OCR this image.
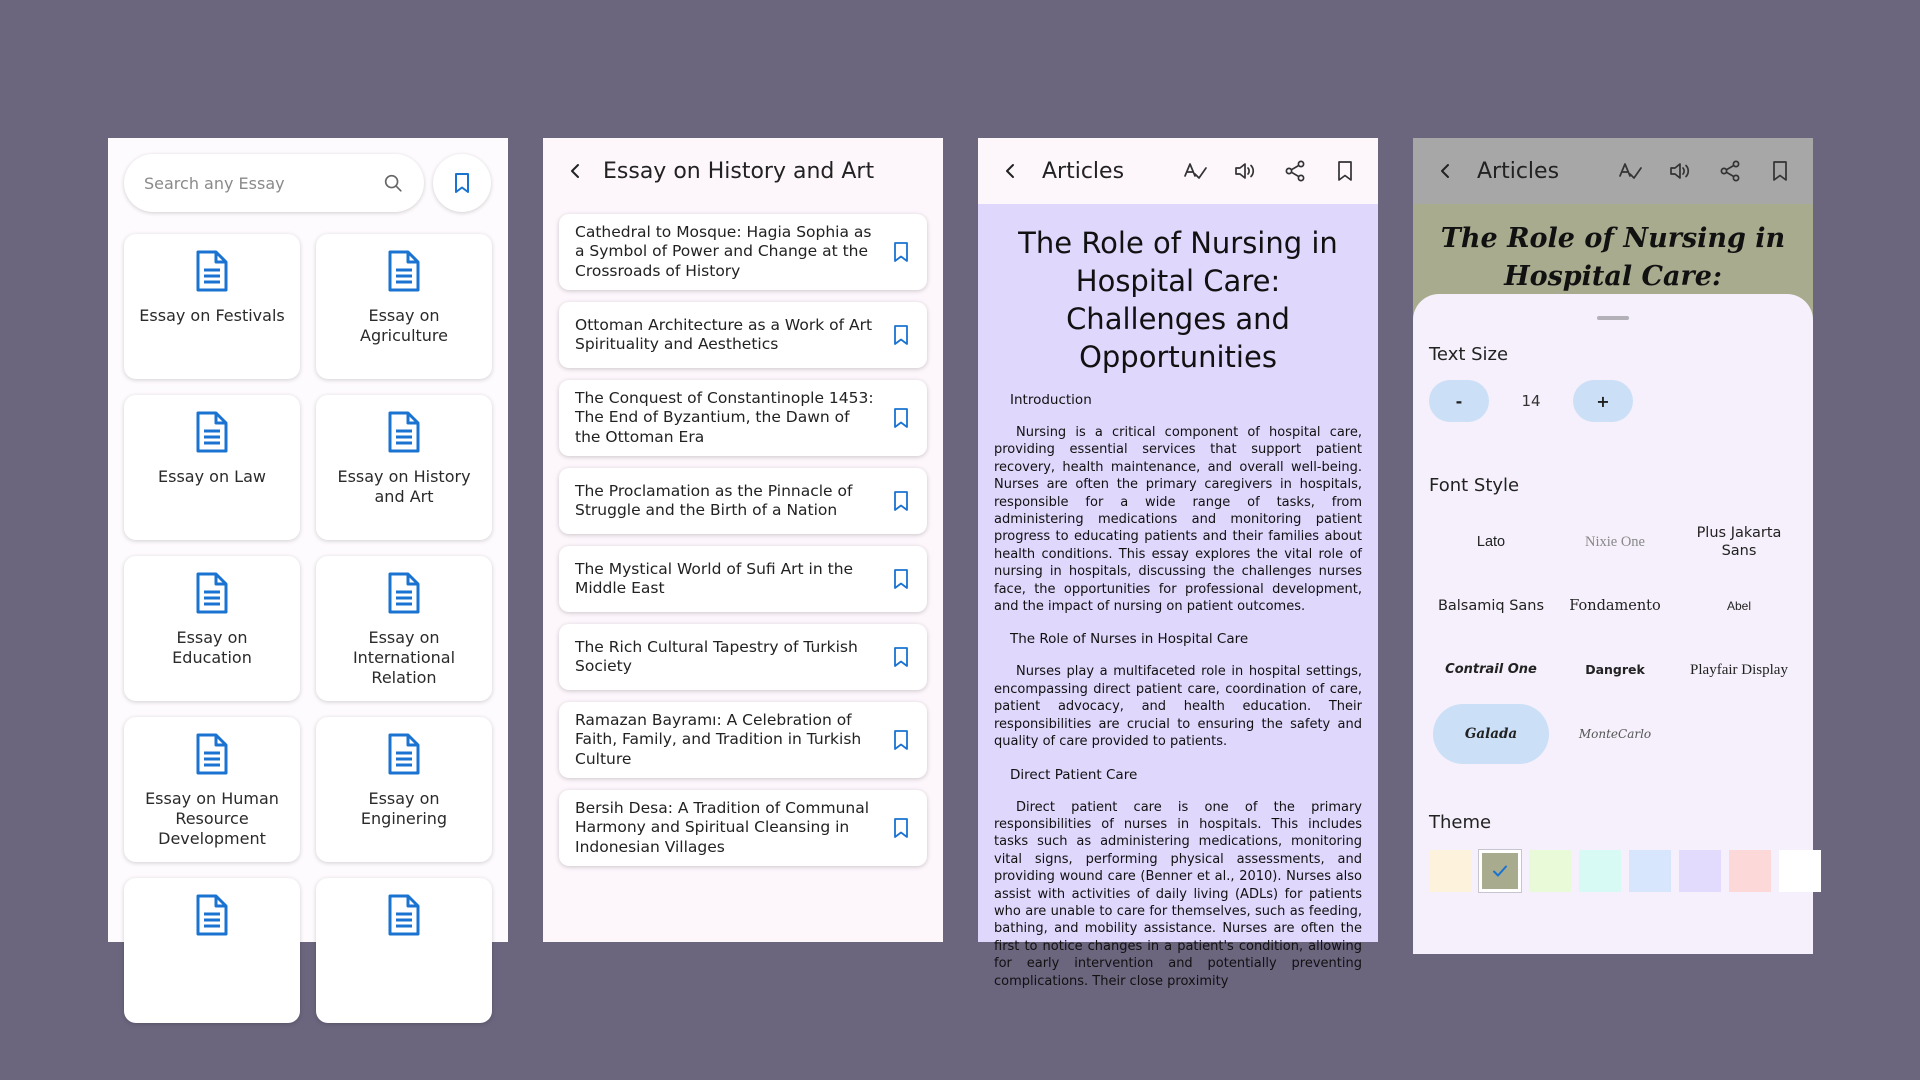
Search any Essay
Essay on Festivals	Essay on Agriculture
Essay on Law	Essay on History and Art
Essay on Education
Essay on International Relation
Essay on Human Resource Development
Essay on Enginering
Essay on History and Art
Cathedral to Mosque: Hagia Sophia as a Symbol of Power and Change at the Crossroads of History
Ottoman Architecture as a Work of Art Spirituality and Aesthetics
The Conquest of Constantinople 1453: The End of Byzantium, the Dawn of the Ottoman Era
The Proclamation as the Pinnacle of Struggle and the Birth of a Nation
The Mystical World of Sufi Art in the Middle East
The Rich Cultural Tapestry of Turkish Society
Ramazan Bayramı: A Celebration of Faith, Family, and Tradition in Turkish Culture
Bersih Desa: A Tradition of Communal Harmony and Spiritual Cleansing in Indonesian Villages
Articles
The Role of Nursing in Hospital Care: Challenges and Opportunities
Introduction
Nursing is a critical component of hospital care, providing essential services that support patient recovery, health maintenance, and overall well-being. Nurses are often the primary caregivers in hospitals, responsible for a wide range of tasks, from administering medications and monitoring patient progress to educating patients and their families about health conditions. This essay explores the vital role of nursing in hospitals, discussing the challenges nurses face, the opportunities for professional development, and the impact of nursing on patient outcomes.
The Role of Nurses in Hospital Care
Nurses play a multifaceted role in hospital settings, encompassing direct patient care, coordination of care, patient advocacy, and health education. Their responsibilities are crucial to ensuring the safety and quality of care provided to patients.
Direct Patient Care
Direct patient care is one of the primary responsibilities of nurses in hospitals. This includes tasks such as administering medications, monitoring vital signs, performing physical assessments, and providing wound care (Benner et al., 2010). Nurses also assist with activities of daily living (ADLs) for patients who are unable to care for themselves, such as feeding, bathing, and mobility assistance. Nurses are often the first to notice changes in a patient's condition, allowing for early intervention and potentially preventing complications. Their close proximity
Articles
The Role of Nursing in Hospital Care:
Text Size
-	14	+
Font Style
Lato	Nixie One
Plus Jakarta Sans
Balsamiq Sans	Fondamento	Abel
Contrail One	Dangrek	Playfair Display
Galada	MonteCarlo
Theme
